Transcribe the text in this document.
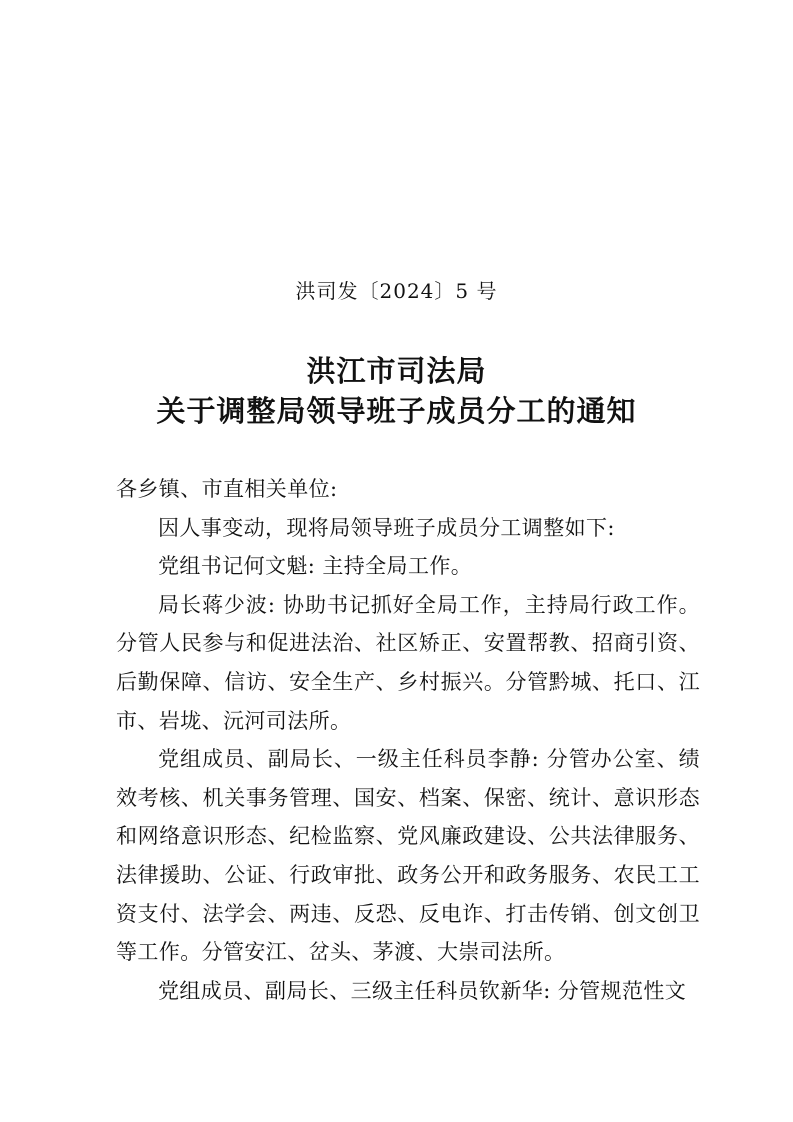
洪司发〔2024〕5 号
洪江市司法局
关于调整局领导班子成员分工的通知

各乡镇、市直相关单位:

因人事变动，现将局领导班子成员分工调整如下:

党组书记何文魁: 主持全局工作。

局长蒋少波: 协助书记抓好全局工作，主持局行政工作。分管人民参与和促进法治、社区矫正、安置帮教、招商引资、后勤保障、信访、安全生产、乡村振兴。分管黔城、托口、江市、岩垅、沅河司法所。

党组成员、副局长、一级主任科员李静: 分管办公室、绩效考核、机关事务管理、国安、档案、保密、统计、意识形态和网络意识形态、纪检监察、党风廉政建设、公共法律服务、法律援助、公证、行政审批、政务公开和政务服务、农民工工资支付、法学会、两违、反恐、反电诈、打击传销、创文创卫等工作。分管安江、岔头、茅渡、大崇司法所。

党组成员、副局长、三级主任科员钦新华: 分管规范性文
